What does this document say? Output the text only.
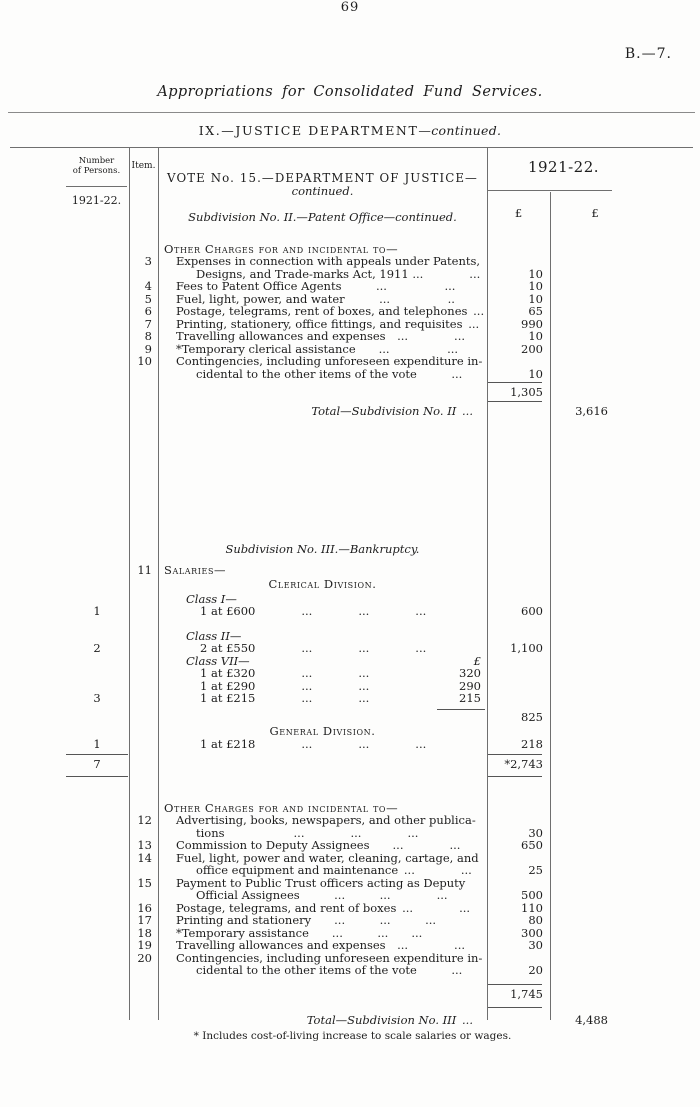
69
B.—7.
Appropriations for Consolidated Fund Services.
IX.—JUSTICE DEPARTMENT—continued.
Number
of Persons.
1921-22.
Item.	1921-22.
£	£
VOTE No. 15.—DEPARTMENT OF JUSTICE—
continued.
Subdivision No. II.—Patent Office—continued.
Other Charges for and incidental to—
3	Expenses in connection with appeals under Patents,
Designs, and Trade-marks Act, 1911 ...    ...	10
4	Fees to Patent Office Agents   ...     ...	10
5	Fuel, light, power, and water   ...     ..	10
6	Postage, telegrams, rent of boxes, and telephones ...	65
7	Printing, stationery, office fittings, and requisites ...	990
8	Travelling allowances and expenses ...    ...	10
9	*Temporary clerical assistance  ...     ...	200
10	Contingencies, including unforeseen expenditure in-
cidental to the other items of the vote   ...	10
1,305
Total—Subdivision No. II ...	3,616
Subdivision No. III.—Bankruptcy.
11	Salaries—
Clerical Division.
Class I—
1	1 at £600    ...    ...    ...	600
Class II—
2	2 at £550    ...    ...    ...	1,100
Class VII—	£
1 at £320    ...    ...	320
1 at £290    ...    ...	290
3	1 at £215    ...    ...	215
825
General Division.
1	1 at £218    ...    ...    ...	218
7	*2,743
Other Charges for and incidental to—
12	Advertising, books, newspapers, and other publica-
tions      ...    ...    ...	30
13	Commission to Deputy Assignees  ...    ...	650
14	Fuel, light, power and water, cleaning, cartage, and
office equipment and maintenance ...    ...	25
15	Payment to Public Trust officers acting as Deputy
Official Assignees   ...   ...    ...	500
16	Postage, telegrams, and rent of boxes ...    ...	110
17	Printing and stationery  ...   ...   ...	80
18	*Temporary assistance  ...   ...   ...	300
19	Travelling allowances and expenses ...    ...	30
20	Contingencies, including unforeseen expenditure in-
cidental to the other items of the vote   ...	20
1,745
Total—Subdivision No. III ...	4,488
* Includes cost-of-living increase to scale salaries or wages.
